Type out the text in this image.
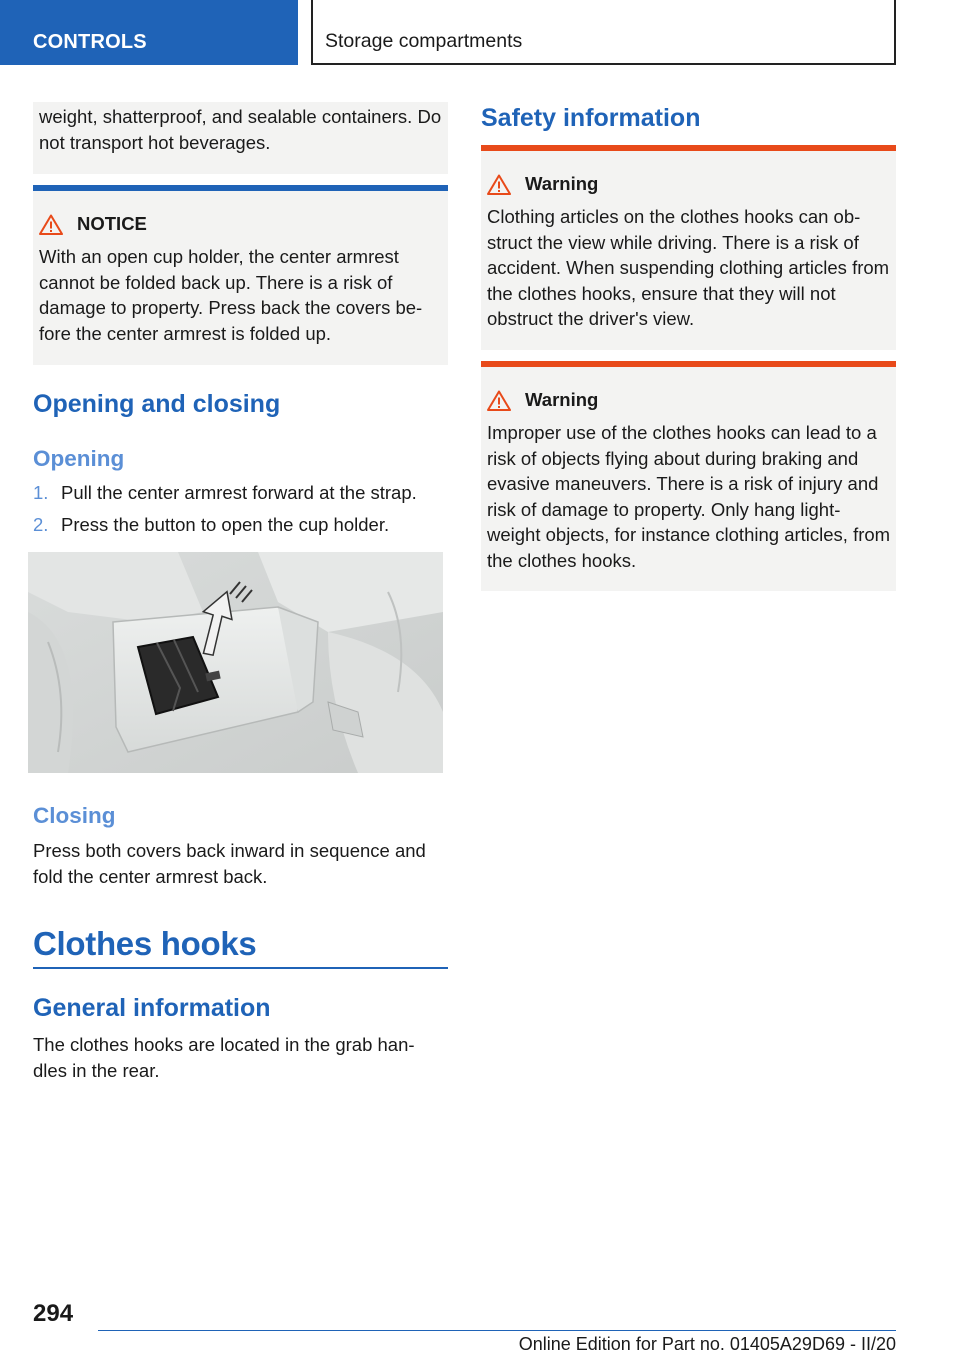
CONTROLS	Storage compartments
weight, shatterproof, and sealable containers. Do not transport hot beverages.
NOTICE
With an open cup holder, the center armrest cannot be folded back up. There is a risk of damage to property. Press back the covers be‐ fore the center armrest is folded up.
Opening and closing
Opening
1. Pull the center armrest forward at the strap.
2. Press the button to open the cup holder.
Closing
Press both covers back inward in sequence and fold the center armrest back.
Clothes hooks
General information
The clothes hooks are located in the grab han‐ dles in the rear.
Safety information
Warning
Clothing articles on the clothes hooks can ob‐ struct the view while driving. There is a risk of accident. When suspending clothing articles from the clothes hooks, ensure that they will not obstruct the driver's view.
Warning
Improper use of the clothes hooks can lead to a risk of objects flying about during braking and evasive maneuvers. There is a risk of injury and risk of damage to property. Only hang light‐ weight objects, for instance clothing articles, from the clothes hooks.
294
Online Edition for Part no. 01405A29D69 - II/20
